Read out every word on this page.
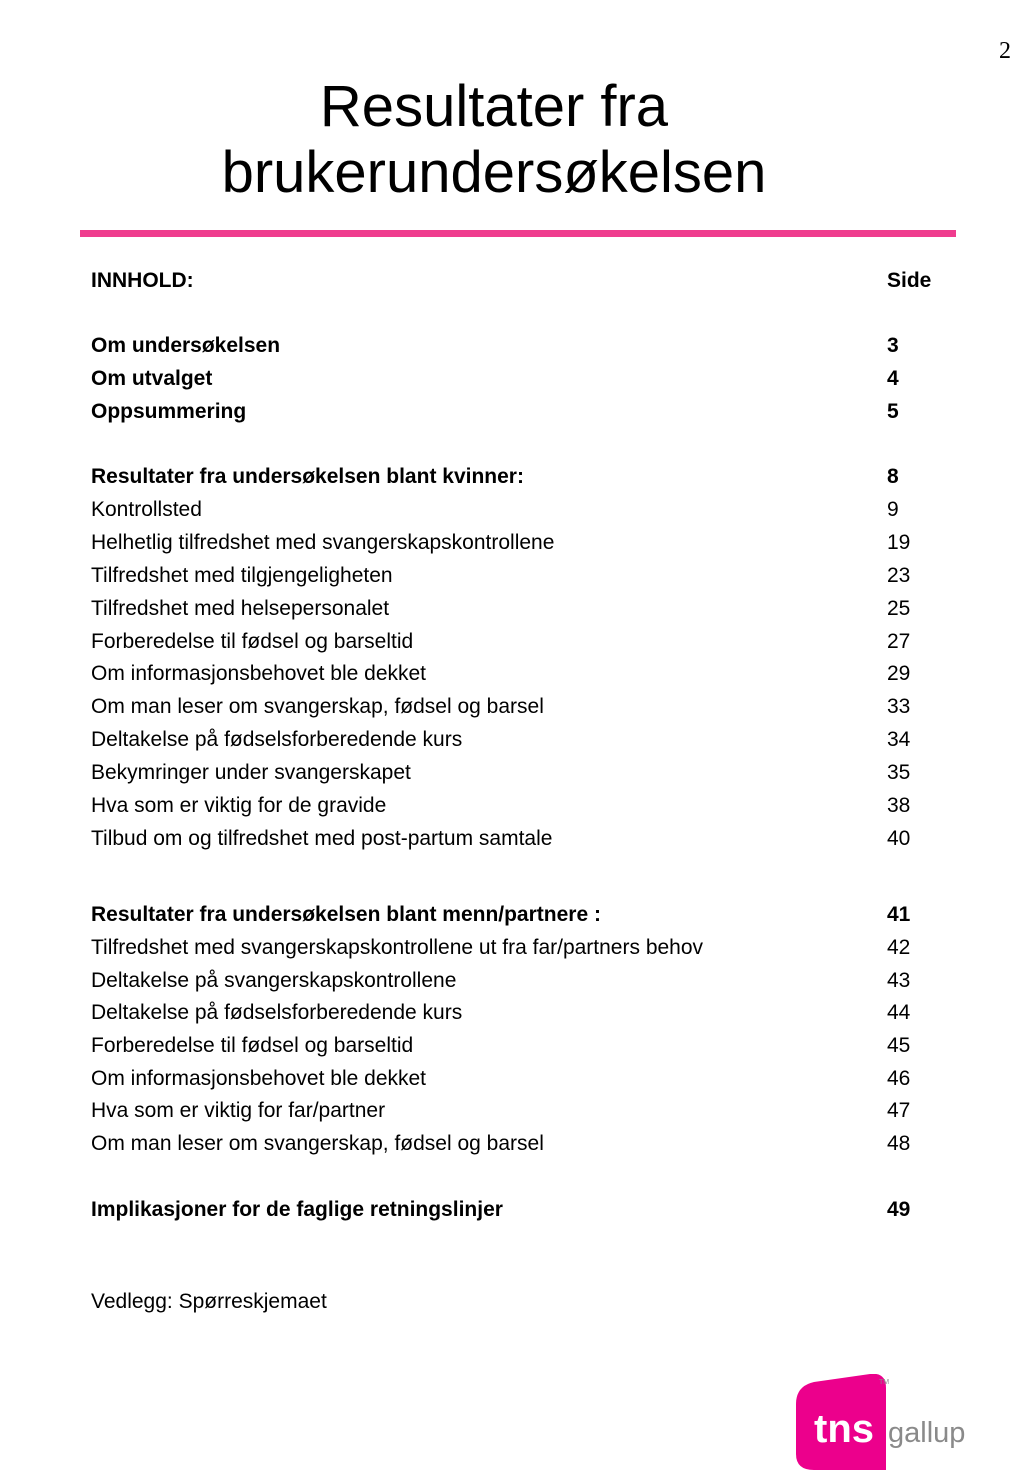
2
Resultater fra
brukerundersøkelsen
INNHOLD:	Side
Om undersøkelsen	3
Om utvalget	4
Oppsummering	5
Resultater fra undersøkelsen blant kvinner:	8
Kontrollsted	9
Helhetlig tilfredshet med svangerskapskontrollene	19
Tilfredshet med tilgjengeligheten	23
Tilfredshet med helsepersonalet	25
Forberedelse til fødsel og barseltid	27
Om informasjonsbehovet ble dekket	29
Om man leser om svangerskap, fødsel og barsel	33
Deltakelse på fødselsforberedende kurs	34
Bekymringer under svangerskapet	35
Hva som er viktig for de gravide	38
Tilbud om og tilfredshet med post-partum samtale	40
Resultater fra undersøkelsen blant menn/partnere :	41
Tilfredshet med svangerskapskontrollene ut fra far/partners behov	42
Deltakelse på svangerskapskontrollene	43
Deltakelse på fødselsforberedende kurs	44
Forberedelse til fødsel og barseltid	45
Om informasjonsbehovet ble dekket	46
Hva som er viktig for far/partner	47
Om man leser om svangerskap, fødsel og barsel	48
Implikasjoner for de faglige retningslinjer	49
Vedlegg: Spørreskjemaet
tns gallup
TM
